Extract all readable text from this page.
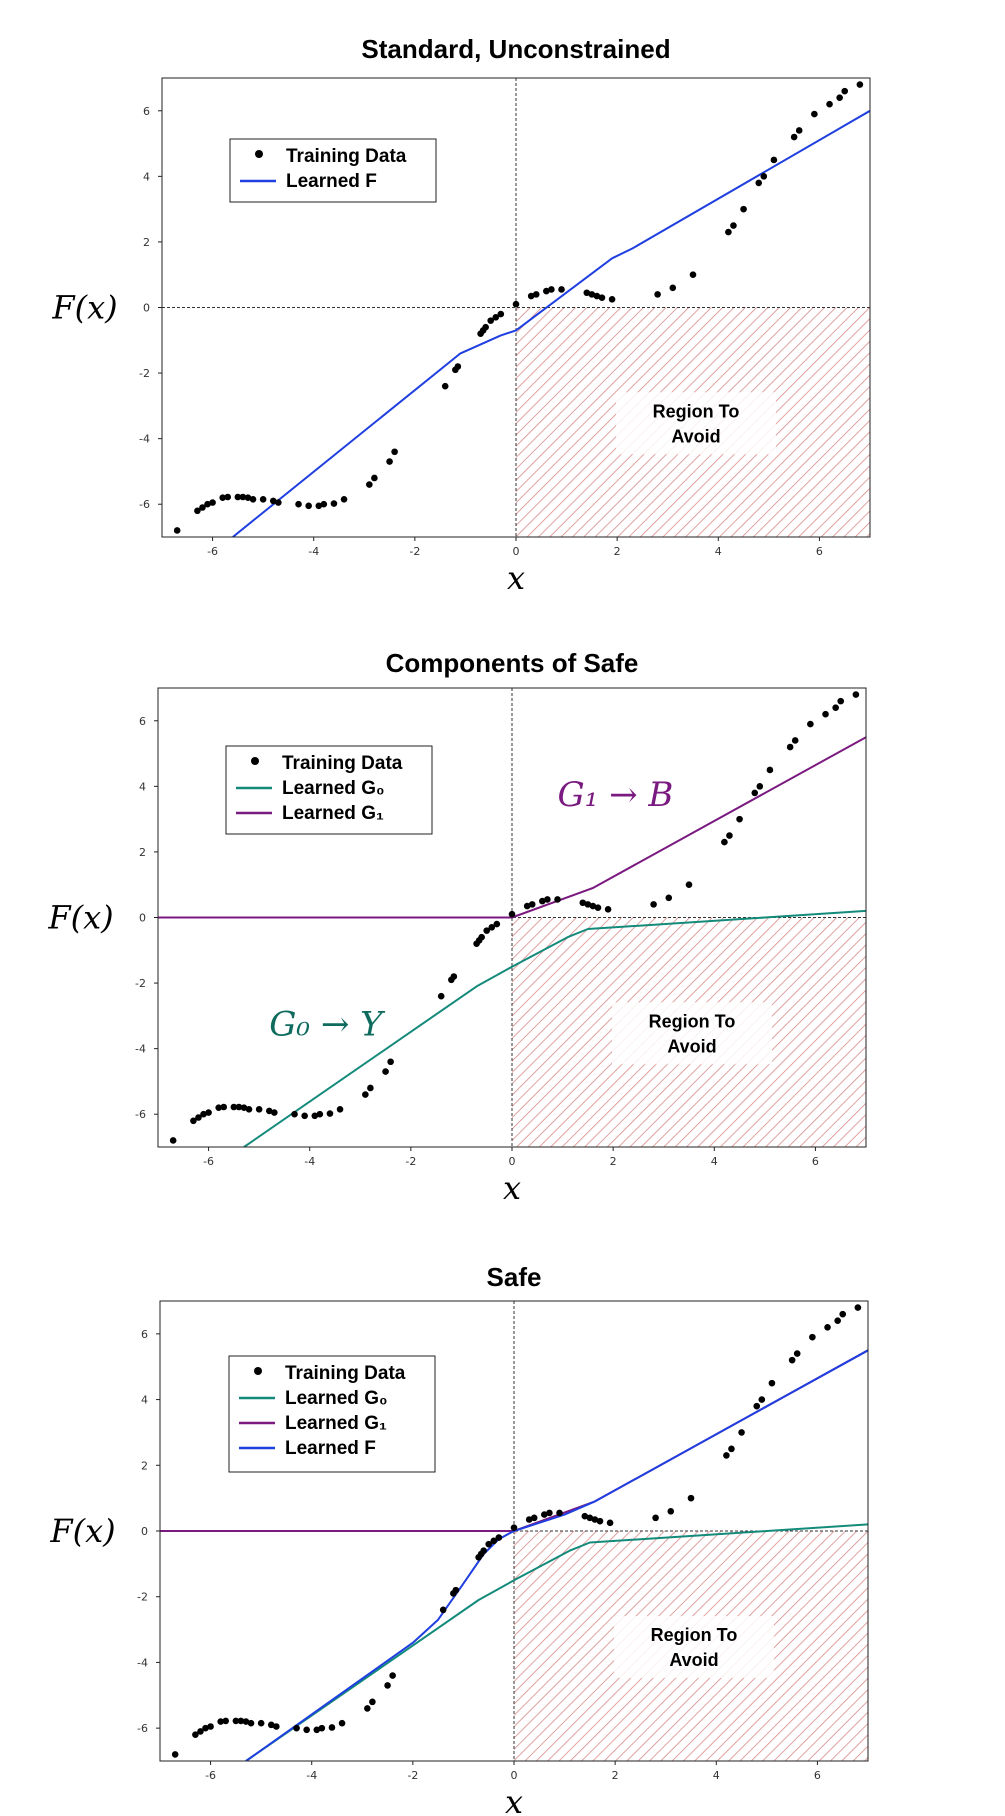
Standard, Unconstrained
Region To
Avoid
-6	-4	-2	0	2	4	6
-6
-4
-2
0
2
4
6
x
F(x)
Training Data
Learned F
Components of Safe
Region To
Avoid
-6	-4	-2	0	2	4	6
-6
-4
-2
0
2
4
6
x
F(x)
G₁ → B
G₀ → Y
Training Data
Learned G₀
Learned G₁
Safe
Region To
Avoid
-6	-4	-2	0	2	4	6
-6
-4
-2
0
2
4
6
x
F(x)
Training Data
Learned G₀
Learned G₁
Learned F
